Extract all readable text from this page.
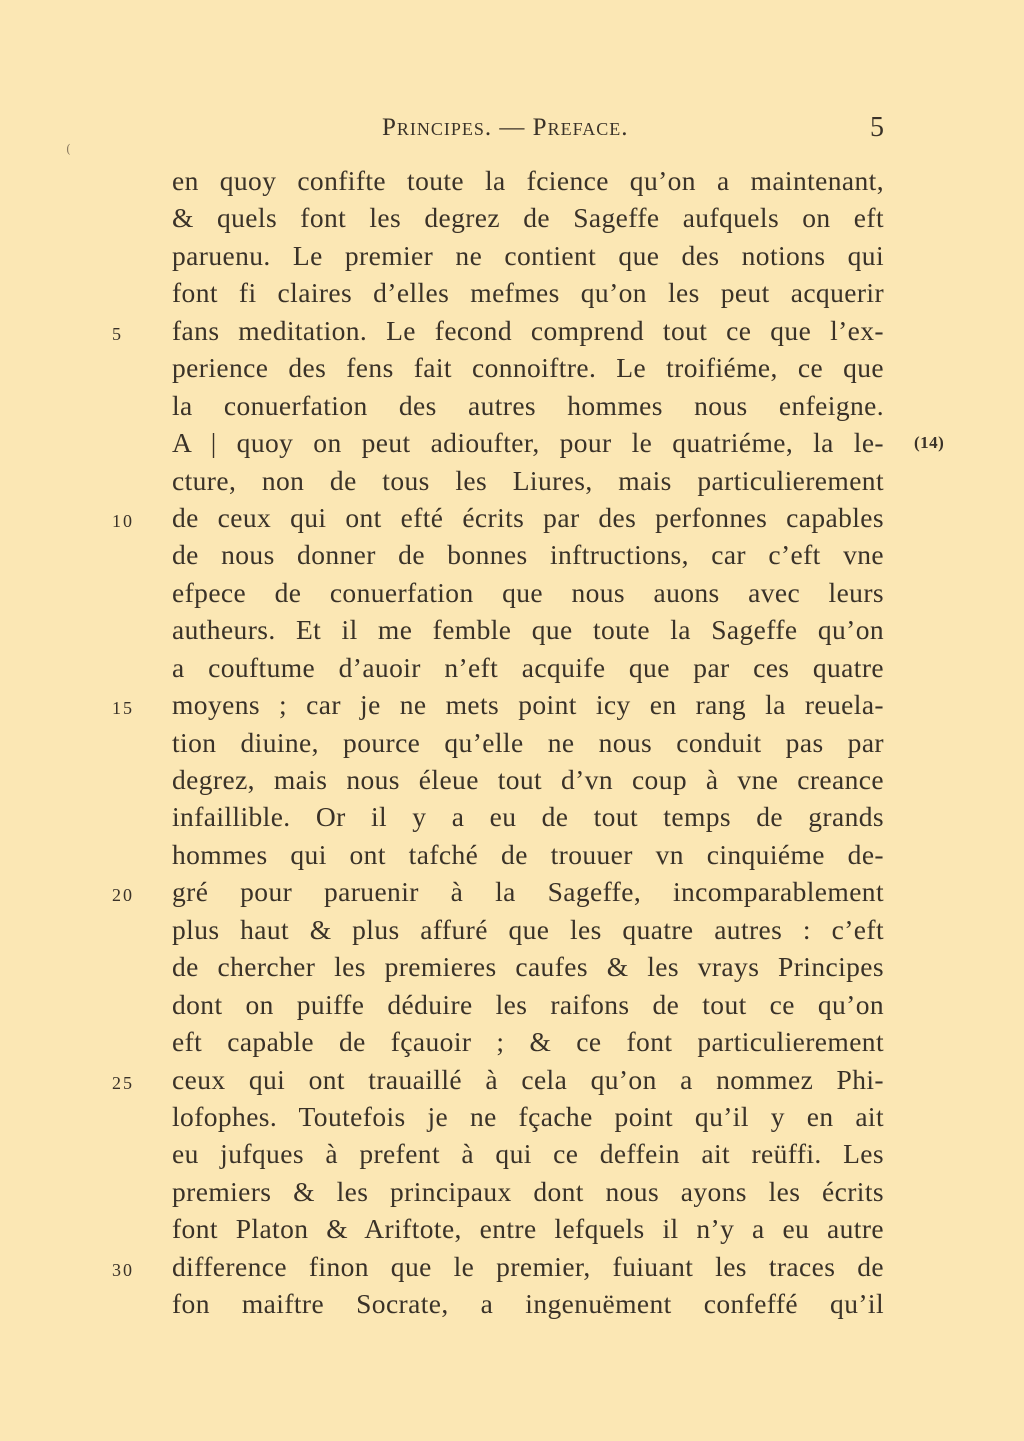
Principes. — Preface.	5
(
en quoy confifte toute la fcience qu’on a maintenant,
& quels font les degrez de Sageffe aufquels on eft
paruenu. Le premier ne contient que des notions qui
font fi claires d’elles mefmes qu’on les peut acquerir
fans meditation. Le fecond comprend tout ce que l’ex-
5
perience des fens fait connoiftre. Le troifiéme, ce que
la conuerfation des autres hommes nous enfeigne.
A | quoy on peut adioufter, pour le quatriéme, la le- (14)
cture, non de tous les Liures, mais particulierement
de ceux qui ont efté écrits par des perfonnes capables
10
de nous donner de bonnes inftructions, car c’eft vne
efpece de conuerfation que nous auons avec leurs
autheurs. Et il me femble que toute la Sageffe qu’on
a couftume d’auoir n’eft acquife que par ces quatre
moyens ; car je ne mets point icy en rang la reuela-
15
tion diuine, pource qu’elle ne nous conduit pas par
degrez, mais nous éleue tout d’vn coup à vne creance
infaillible. Or il y a eu de tout temps de grands
hommes qui ont tafché de trouuer vn cinquiéme de-
gré pour paruenir à la Sageffe, incomparablement
20
plus haut & plus affuré que les quatre autres : c’eft
de chercher les premieres caufes & les vrays Principes
dont on puiffe déduire les raifons de tout ce qu’on
eft capable de fçauoir ; & ce font particulierement
ceux qui ont trauaillé à cela qu’on a nommez Phi-
25
lofophes. Toutefois je ne fçache point qu’il y en ait
eu jufques à prefent à qui ce deffein ait reüffi. Les
premiers & les principaux dont nous ayons les écrits
font Platon & Ariftote, entre lefquels il n’y a eu autre
difference finon que le premier, fuiuant les traces de
30
fon maiftre Socrate, a ingenuëment confeffé qu’il
